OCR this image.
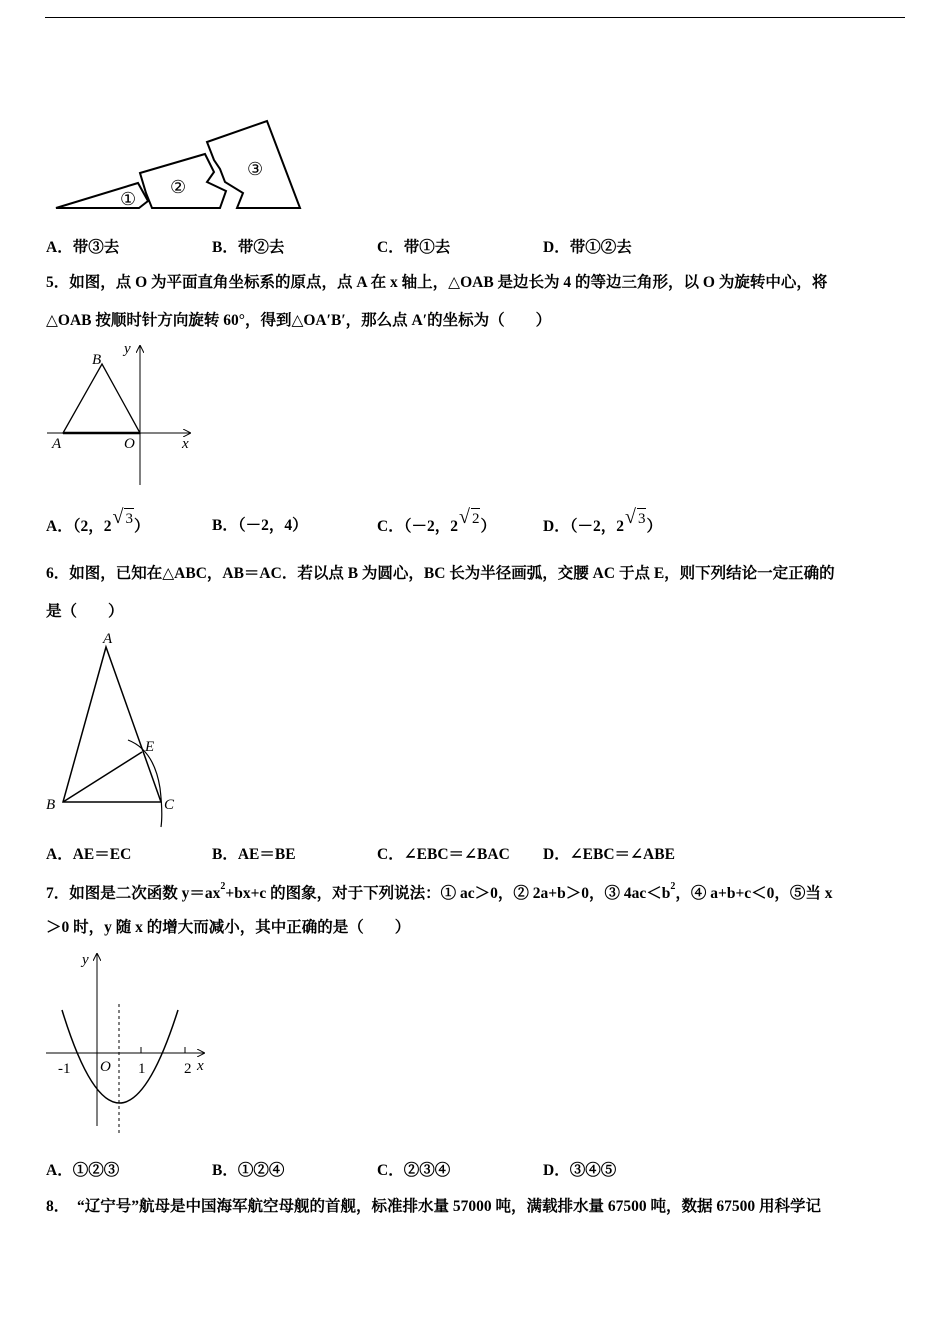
①
②
③
A．带③去	B．带②去	C．带①去	D．带①②去
5．如图，点 O 为平面直角坐标系的原点，点 A 在 x 轴上，△OAB 是边长为 4 的等边三角形，以 O 为旋转中心，将
△OAB 按顺时针方向旋转 60°，得到△OA′B′，那么点 A′的坐标为（　　）
B
y
A	O	x
A．（2，2 √ 3）	B．（－2，4）	C．（－2，2 √ 2）	D．（－2，2 √ 3）
6．如图，已知在△ABC，AB＝AC．若以点 B 为圆心，BC 长为半径画弧，交腰 AC 于点 E，则下列结论一定正确的
是（　　）
A
E
B	C
A．AE＝EC	B．AE＝BE	C．∠EBC＝∠BAC D．∠EBC＝∠ABE
7．如图是二次函数 $y=ax^2+bx+c$ 的图象，对于下列说法：① ac＞0，② 2a+b＞0，③ $4ac<b^2$，④ a+b+c＜0，⑤当 x
＞0 时，y 随 x 的增大而减小，其中正确的是（　　）
y
-1 O 1	2 x
A．①②③	B．①②④	C．②③④	D．③④⑤
8．　“辽宁号”航母是中国海军航空母舰的首舰，标准排水量 57000 吨，满载排水量 67500 吨，数据 67500 用科学记
